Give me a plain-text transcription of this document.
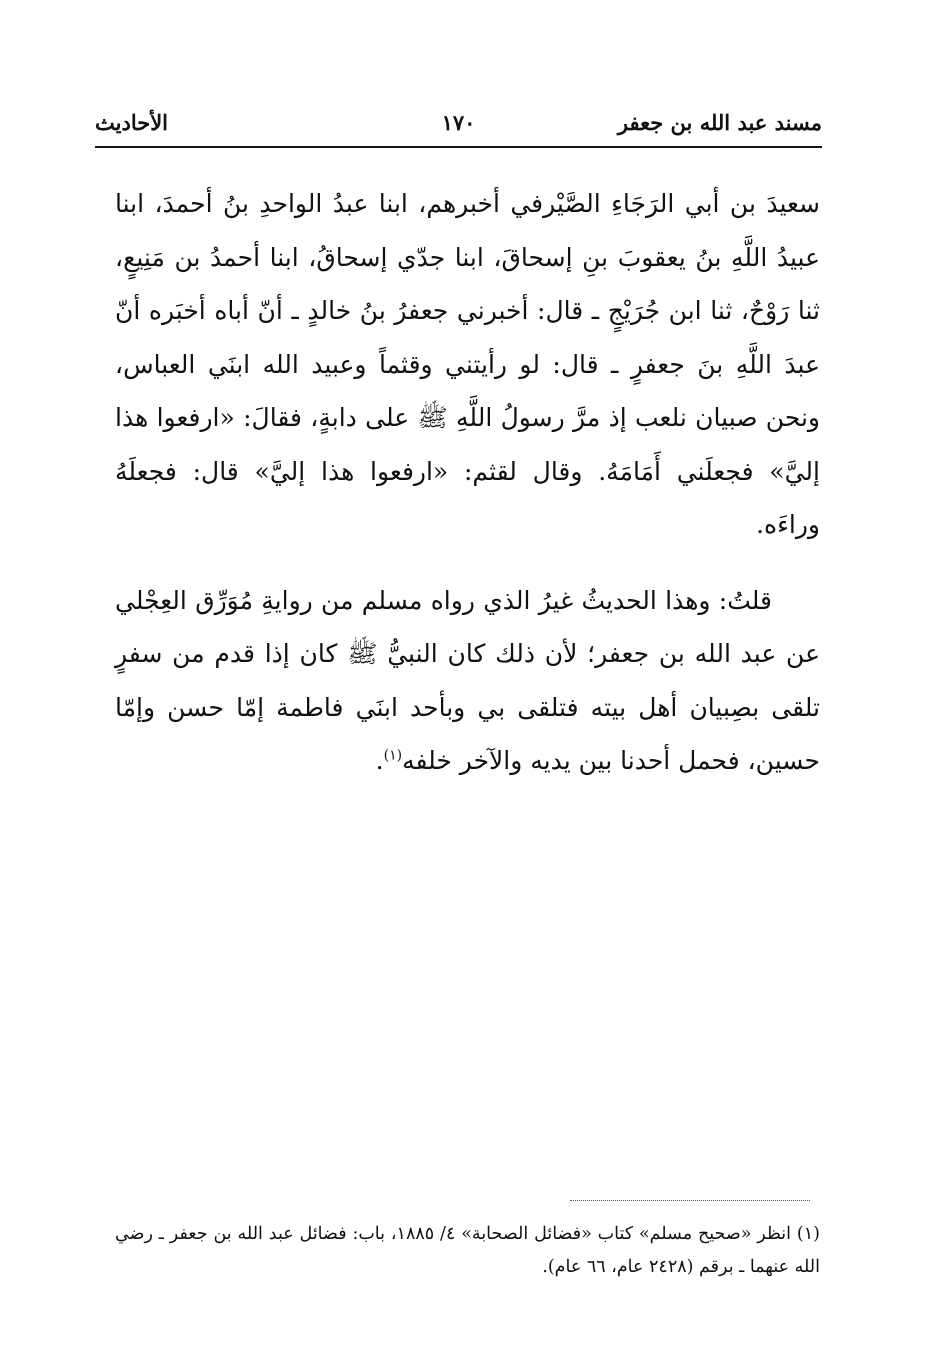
مسند عبد الله بن جعفر
١٧٠
الأحاديث

سعيدَ بن أبي الرَجَاءِ الصَّيْرفي أخبرهم، ابنا عبدُ الواحدِ بنُ أحمدَ، ابنا عبيدُ اللَّهِ بنُ يعقوبَ بنِ إسحاقَ، ابنا جدّي إسحاقُ، ابنا أحمدُ بن مَنِيعٍ، ثنا رَوْحٌ، ثنا ابن جُرَيْجٍ ـ قال: أخبرني جعفرُ بنُ خالدٍ ـ أنّ أباه أخبَره أنّ عبدَ اللَّهِ بنَ جعفرٍ ـ قال: لو رأيتني وقثماً وعبيد الله ابنَي العباس، ونحن صبيان نلعب إذ مرَّ رسولُ اللَّهِ ﷺ على دابةٍ، فقالَ: «ارفعوا هذا إليَّ» فجعلَني أَمَامَهُ. وقال لقثم: «ارفعوا هذا إليَّ» قال: فجعلَهُ وراءَه.

قلتُ: وهذا الحديثُ غيرُ الذي رواه مسلم من روايةِ مُوَرِّق العِجْلي عن عبد الله بن جعفر؛ لأن ذلك كان النبيُّ ﷺ كان إذا قدم من سفرٍ تلقى بصِبيان أهل بيته فتلقى بي وبأحد ابنَي فاطمة إمّا حسن وإمّا حسين، فحمل أحدنا بين يديه والآخر خلفه$^{(١)}$.

(١) انظر «صحيح مسلم» كتاب «فضائل الصحابة» ٤/ ١٨٨٥، باب: فضائل عبد الله بن جعفر ـ رضي الله عنهما ـ برقم (٢٤٢٨ عام، ٦٦ عام).
